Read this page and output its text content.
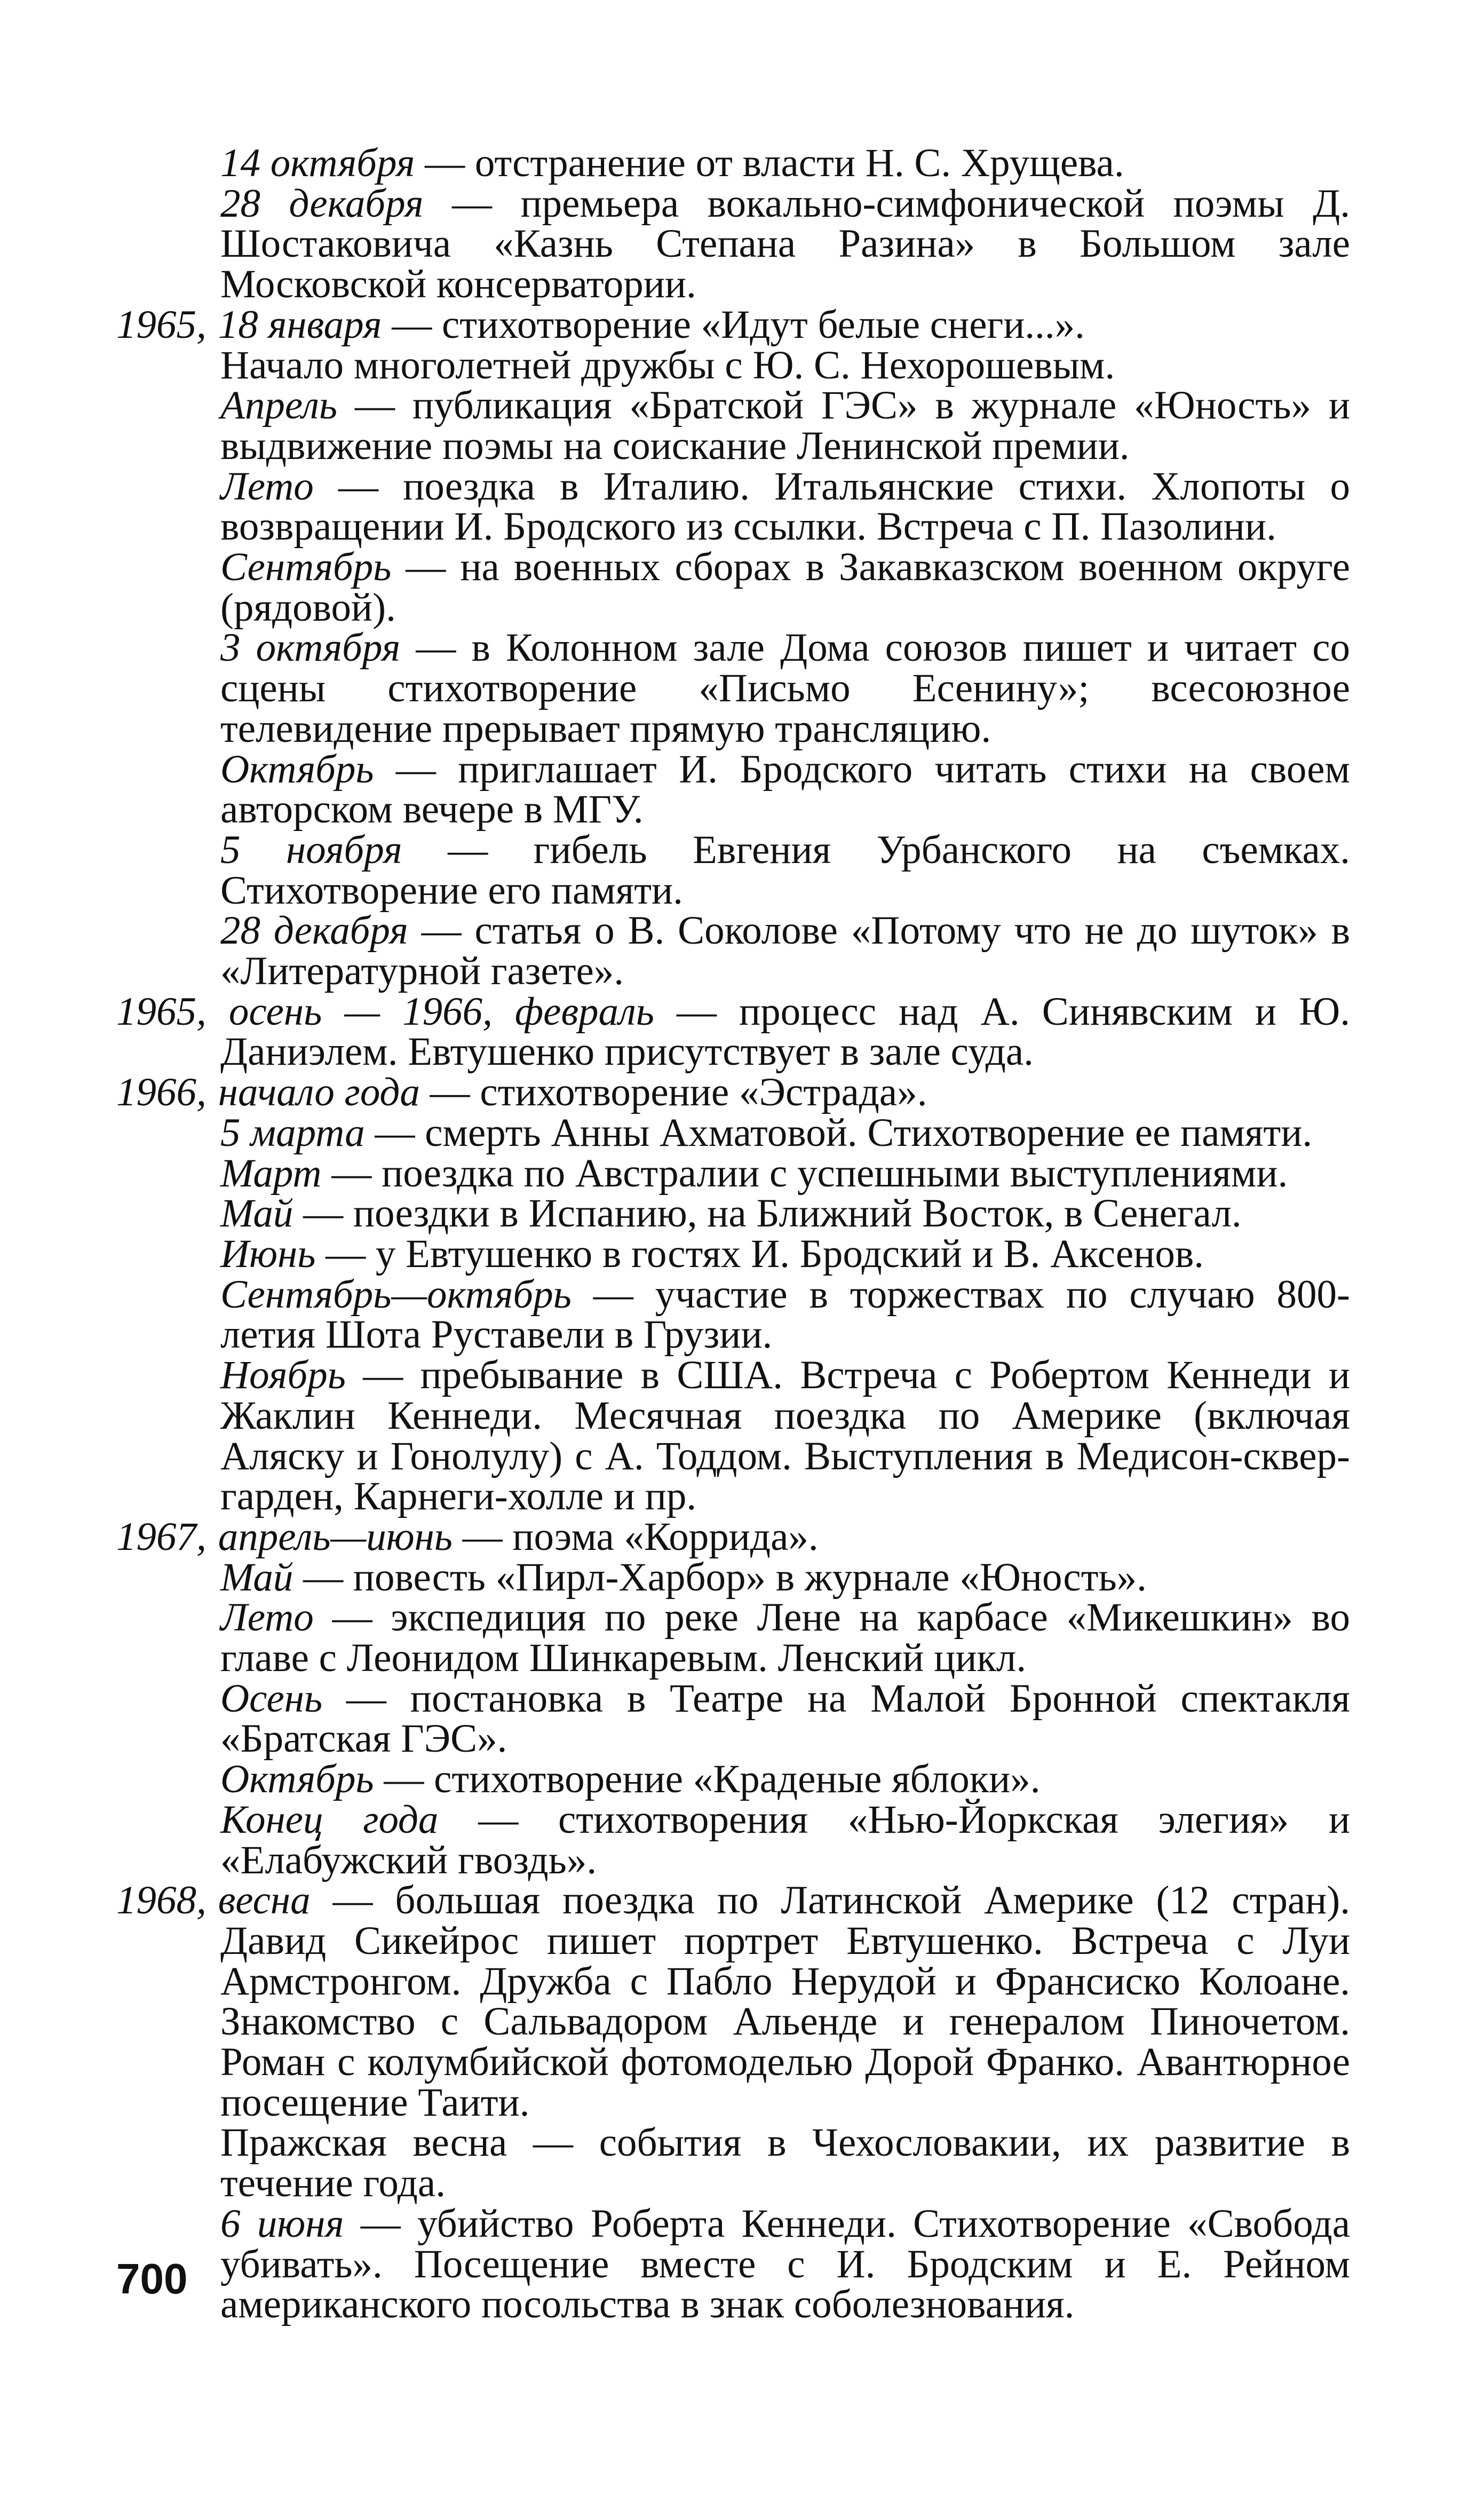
14 октября — отстранение от власти Н. С. Хрущева.
28 декабря — премьера вокально-симфонической поэмы Д. Шостаковича «Казнь Степана Разина» в Большом зале Московской консерватории.
1965, 18 января — стихотворение «Идут белые снеги...».
Начало многолетней дружбы с Ю. С. Нехорошевым.
Апрель — публикация «Братской ГЭС» в журнале «Юность» и выдвижение поэмы на соискание Ленинской премии.
Лето — поездка в Италию. Итальянские стихи. Хлопоты о возвращении И. Бродского из ссылки. Встреча с П. Пазолини.
Сентябрь — на военных сборах в Закавказском военном округе (рядовой).
3 октября — в Колонном зале Дома союзов пишет и читает со сцены стихотворение «Письмо Есенину»; всесоюзное телевидение прерывает прямую трансляцию.
Октябрь — приглашает И. Бродского читать стихи на своем авторском вечере в МГУ.
5 ноября — гибель Евгения Урбанского на съемках. Стихотворение его памяти.
28 декабря — статья о В. Соколове «Потому что не до шуток» в «Литературной газете».
1965, осень — 1966, февраль — процесс над А. Синявским и Ю. Даниэлем. Евтушенко присутствует в зале суда.
1966, начало года — стихотворение «Эстрада».
5 марта — смерть Анны Ахматовой. Стихотворение ее памяти.
Март — поездка по Австралии с успешными выступлениями.
Май — поездки в Испанию, на Ближний Восток, в Сенегал.
Июнь — у Евтушенко в гостях И. Бродский и В. Аксенов.
Сентябрь—октябрь — участие в торжествах по случаю 800-летия Шота Руставели в Грузии.
Ноябрь — пребывание в США. Встреча с Робертом Кеннеди и Жаклин Кеннеди. Месячная поездка по Америке (включая Аляску и Гонолулу) с А. Тоддом. Выступления в Медисон-сквер-гарден, Карнеги-холле и пр.
1967, апрель—июнь — поэма «Коррида».
Май — повесть «Пирл-Харбор» в журнале «Юность».
Лето — экспедиция по реке Лене на карбасе «Микешкин» во главе с Леонидом Шинкаревым. Ленский цикл.
Осень — постановка в Театре на Малой Бронной спектакля «Братская ГЭС».
Октябрь — стихотворение «Краденые яблоки».
Конец года — стихотворения «Нью-Йоркская элегия» и «Елабужский гвоздь».
1968, весна — большая поездка по Латинской Америке (12 стран). Давид Сикейрос пишет портрет Евтушенко. Встреча с Луи Армстронгом. Дружба с Пабло Нерудой и Франсиско Колоане. Знакомство с Сальвадором Альенде и генералом Пиночетом. Роман с колумбийской фотомоделью Дорой Франко. Авантюрное посещение Таити.
Пражская весна — события в Чехословакии, их развитие в течение года.
6 июня — убийство Роберта Кеннеди. Стихотворение «Свобода убивать». Посещение вместе с И. Бродским и Е. Рейном американского посольства в знак соболезнования.
700
